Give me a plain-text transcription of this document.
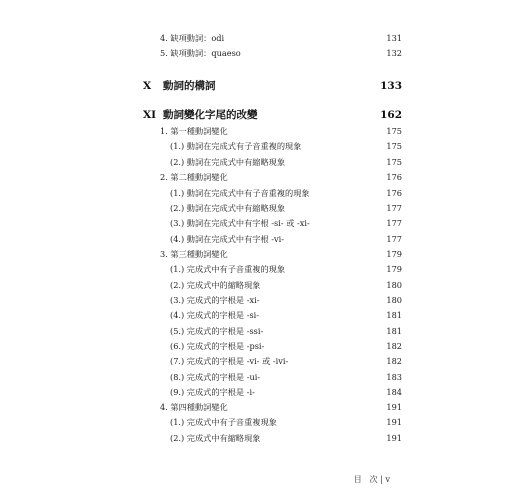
4. 缺項動詞：odi	131
5. 缺項動詞：quaeso	132
X 動詞的構詞	133
XI 動詞變化字尾的改變	162
1. 第一種動詞變化	175
(1.) 動詞在完成式有子音重複的現象	175
(2.) 動詞在完成式中有縮略現象	175
2. 第二種動詞變化	176
(1.) 動詞在完成式中有子音重複的現象	176
(2.) 動詞在完成式中有縮略現象	177
(3.) 動詞在完成式中有字根 -si- 或 -xi-	177
(4.) 動詞在完成式中有字根 -vi-	177
3. 第三種動詞變化	179
(1.) 完成式中有子音重複的現象	179
(2.) 完成式中的縮略現象	180
(3.) 完成式的字根是 -xi-	180
(4.) 完成式的字根是 -si-	181
(5.) 完成式的字根是 -ssi-	181
(6.) 完成式的字根是 -psi-	182
(7.) 完成式的字根是 -vi- 或 -ivi-	182
(8.) 完成式的字根是 -ui-	183
(9.) 完成式的字根是 -i-	184
4. 第四種動詞變化	191
(1.) 完成式中有子音重複現象	191
(2.) 完成式中有縮略現象	191
目　次 | v
